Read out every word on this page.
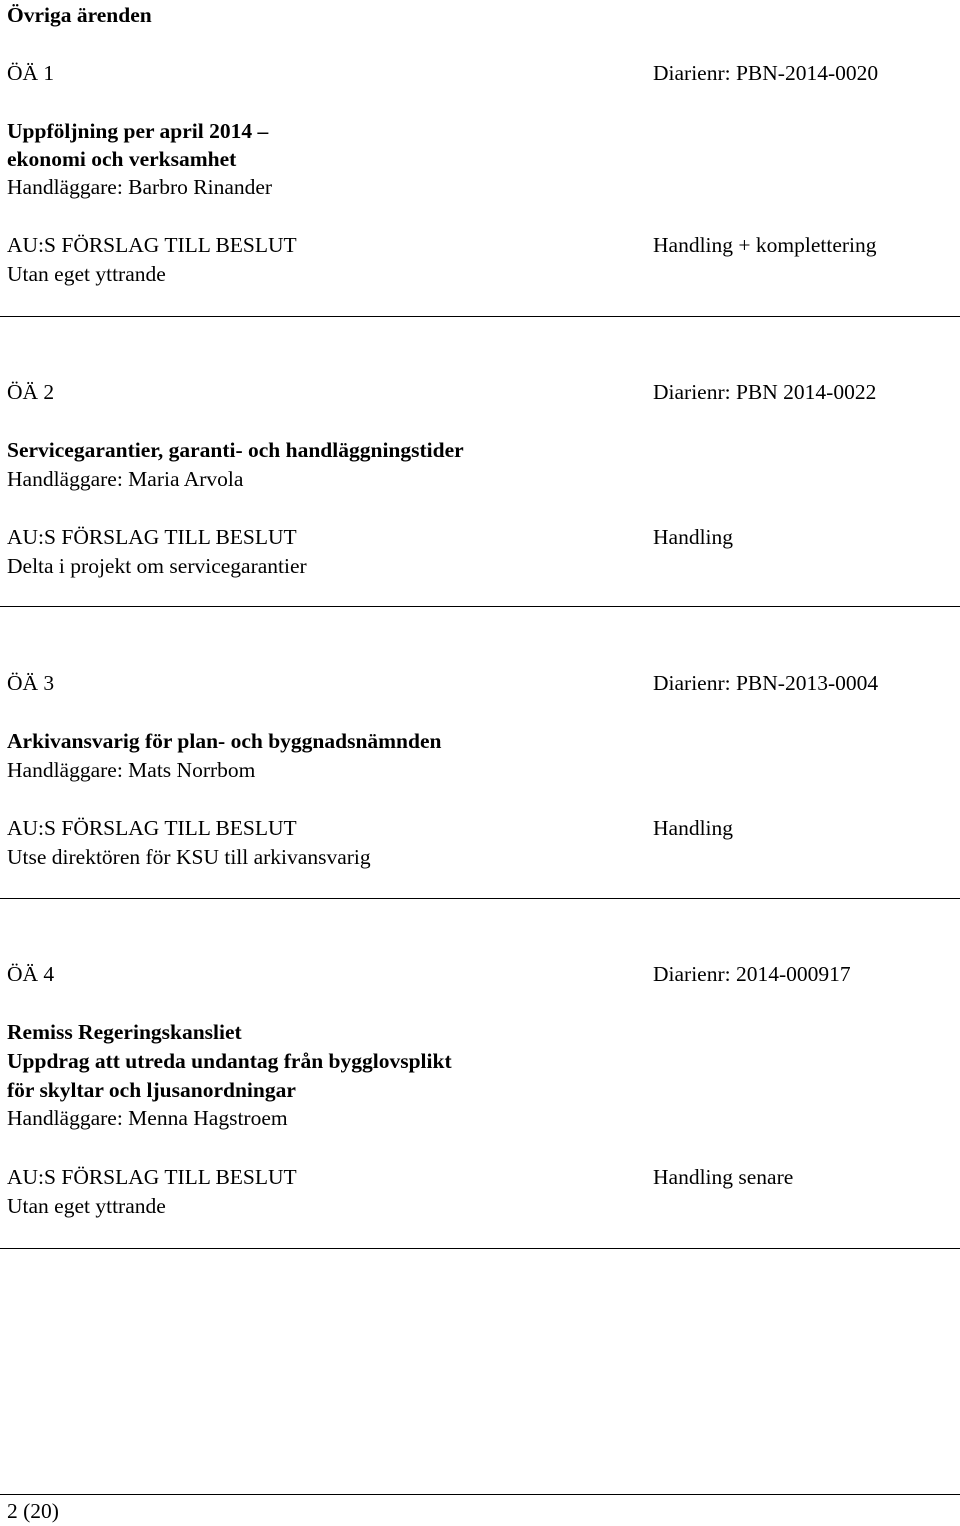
Övriga ärenden
ÖÄ 1	Diarienr: PBN-2014-0020
Uppföljning per april 2014 –
ekonomi och verksamhet
Handläggare: Barbro Rinander
AU:S FÖRSLAG TILL BESLUT	Handling + komplettering
Utan eget yttrande
ÖÄ 2	Diarienr: PBN 2014-0022
Servicegarantier, garanti- och handläggningstider
Handläggare: Maria Arvola
AU:S FÖRSLAG TILL BESLUT	Handling
Delta i projekt om servicegarantier
ÖÄ 3	Diarienr: PBN-2013-0004
Arkivansvarig för plan- och byggnadsnämnden
Handläggare: Mats Norrbom
AU:S FÖRSLAG TILL BESLUT	Handling
Utse direktören för KSU till arkivansvarig
ÖÄ 4	Diarienr: 2014-000917
Remiss Regeringskansliet
Uppdrag att utreda undantag från bygglovsplikt
för skyltar och ljusanordningar
Handläggare: Menna Hagstroem
AU:S FÖRSLAG TILL BESLUT	Handling senare
Utan eget yttrande
2 (20)
